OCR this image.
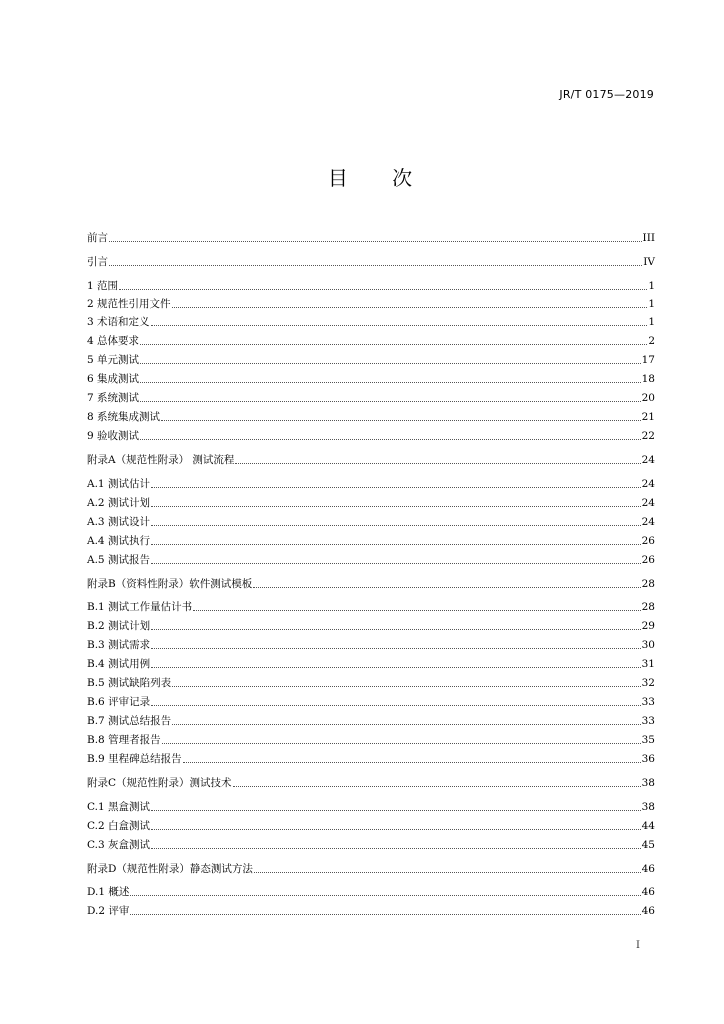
JR/T 0175—2019
目 次
前言	III
引言	IV
1 范围	1
2 规范性引用文件	1
3 术语和定义	1
4 总体要求	2
5 单元测试	17
6 集成测试	18
7 系统测试	20
8 系统集成测试	21
9 验收测试	22
附录A（规范性附录） 测试流程	24
A.1 测试估计	24
A.2 测试计划	24
A.3 测试设计	24
A.4 测试执行	26
A.5 测试报告	26
附录B（资料性附录）软件测试模板	28
B.1 测试工作量估计书	28
B.2 测试计划	29
B.3 测试需求	30
B.4 测试用例	31
B.5 测试缺陷列表	32
B.6 评审记录	33
B.7 测试总结报告	33
B.8 管理者报告	35
B.9 里程碑总结报告	36
附录C（规范性附录）测试技术	38
C.1 黑盒测试	38
C.2 白盒测试	44
C.3 灰盒测试	45
附录D（规范性附录）静态测试方法	46
D.1 概述	46
D.2 评审	46
I
